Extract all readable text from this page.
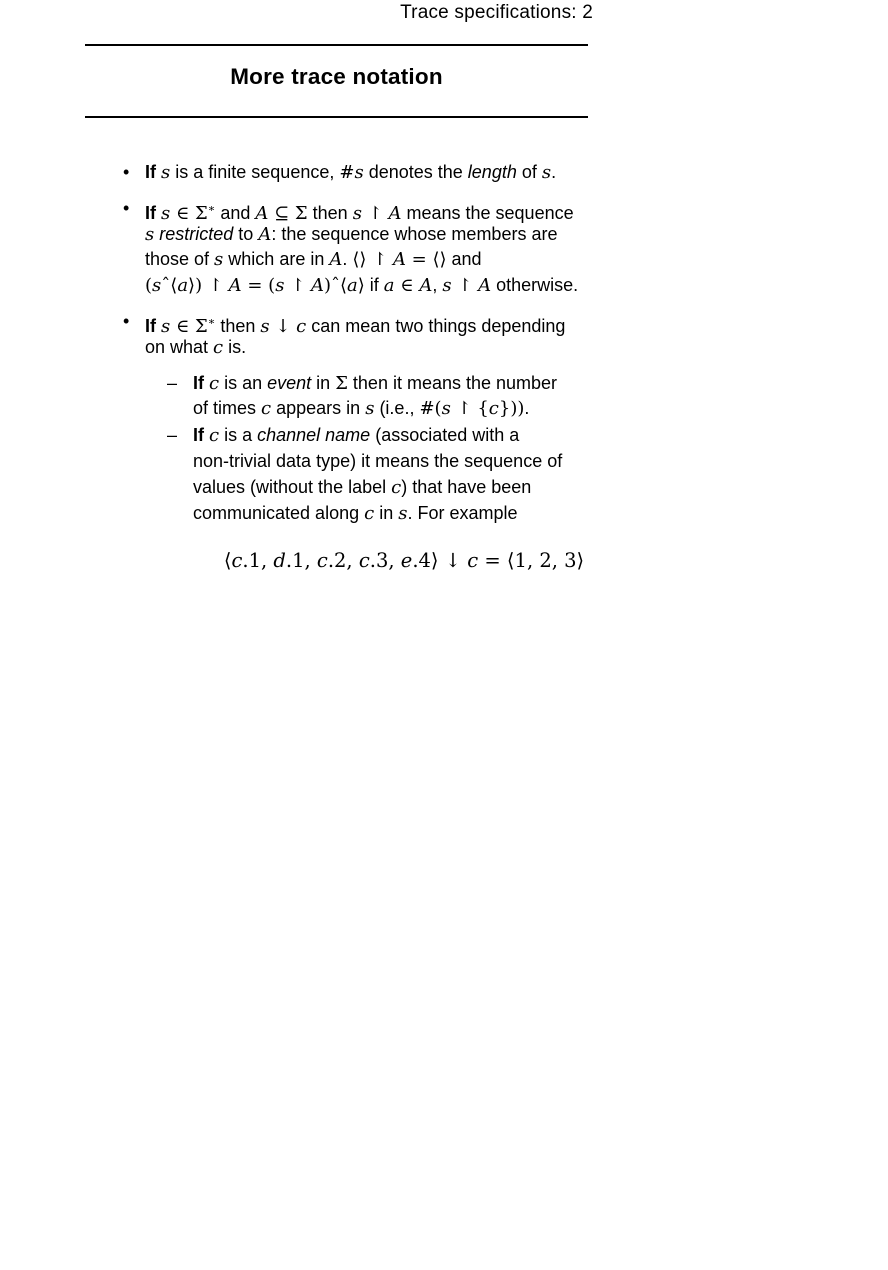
Trace specifications: 2
More trace notation
• If s is a finite sequence, #s denotes the length of s.
• If s ∈ Σ∗ and A ⊆ Σ then s ↾ A means the sequence
s restricted to A: the sequence whose members are
those of s which are in A. ⟨⟩ ↾ A = ⟨⟩ and
(sˆ⟨a⟩) ↾ A = (s ↾ A)ˆ⟨a⟩ if a ∈ A, s ↾ A otherwise.
• If s ∈ Σ∗ then s ↓ c can mean two things depending
on what c is.
– If c is an event in Σ then it means the number
of times c appears in s (i.e., #(s ↾ {c})).
– If c is a channel name (associated with a
non-trivial data type) it means the sequence of
values (without the label c) that have been
communicated along c in s. For example
⟨c.1, d.1, c.2, c.3, e.4⟩ ↓ c = ⟨1, 2, 3⟩
